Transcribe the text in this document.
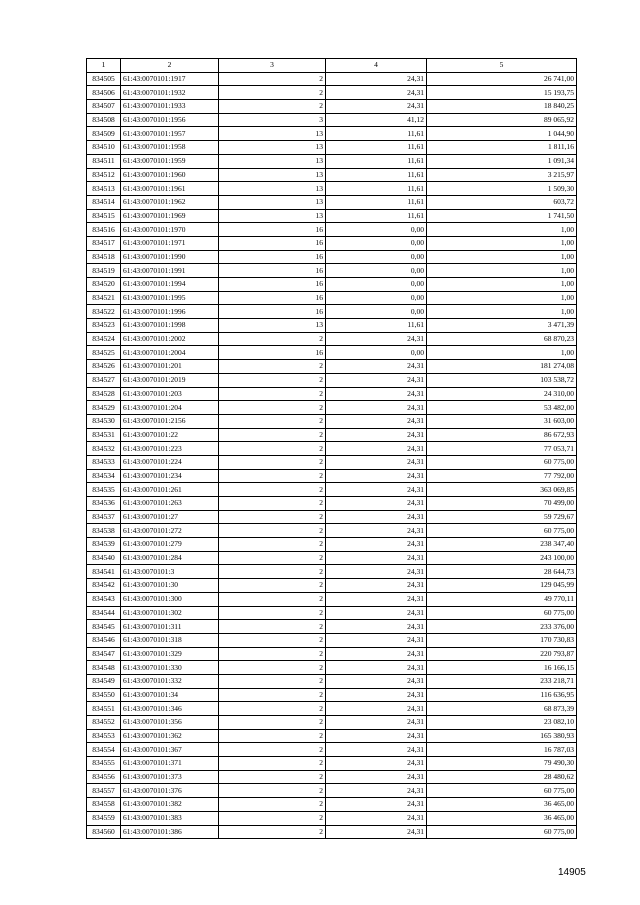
1	2	3	4	5
834505	61:43:0070101:1917	2	24,31	26 741,00
834506	61:43:0070101:1932	2	24,31	15 193,75
834507	61:43:0070101:1933	2	24,31	18 840,25
834508	61:43:0070101:1956	3	41,12	89 065,92
834509	61:43:0070101:1957	13	11,61	1 044,90
834510	61:43:0070101:1958	13	11,61	1 811,16
834511	61:43:0070101:1959	13	11,61	1 091,34
834512	61:43:0070101:1960	13	11,61	3 215,97
834513	61:43:0070101:1961	13	11,61	1 509,30
834514	61:43:0070101:1962	13	11,61	603,72
834515	61:43:0070101:1969	13	11,61	1 741,50
834516	61:43:0070101:1970	16	0,00	1,00
834517	61:43:0070101:1971	16	0,00	1,00
834518	61:43:0070101:1990	16	0,00	1,00
834519	61:43:0070101:1991	16	0,00	1,00
834520	61:43:0070101:1994	16	0,00	1,00
834521	61:43:0070101:1995	16	0,00	1,00
834522	61:43:0070101:1996	16	0,00	1,00
834523	61:43:0070101:1998	13	11,61	3 471,39
834524	61:43:0070101:2002	2	24,31	68 870,23
834525	61:43:0070101:2004	16	0,00	1,00
834526	61:43:0070101:201	2	24,31	181 274,08
834527	61:43:0070101:2019	2	24,31	103 538,72
834528	61:43:0070101:203	2	24,31	24 310,00
834529	61:43:0070101:204	2	24,31	53 482,00
834530	61:43:0070101:2156	2	24,31	31 603,00
834531	61:43:0070101:22	2	24,31	86 672,93
834532	61:43:0070101:223	2	24,31	77 053,71
834533	61:43:0070101:224	2	24,31	60 775,00
834534	61:43:0070101:234	2	24,31	77 792,00
834535	61:43:0070101:261	2	24,31	363 069,85
834536	61:43:0070101:263	2	24,31	70 499,00
834537	61:43:0070101:27	2	24,31	59 729,67
834538	61:43:0070101:272	2	24,31	60 775,00
834539	61:43:0070101:279	2	24,31	238 347,40
834540	61:43:0070101:284	2	24,31	243 100,00
834541	61:43:0070101:3	2	24,31	28 644,73
834542	61:43:0070101:30	2	24,31	129 045,99
834543	61:43:0070101:300	2	24,31	49 770,11
834544	61:43:0070101:302	2	24,31	60 775,00
834545	61:43:0070101:311	2	24,31	233 376,00
834546	61:43:0070101:318	2	24,31	170 730,83
834547	61:43:0070101:329	2	24,31	220 793,87
834548	61:43:0070101:330	2	24,31	16 166,15
834549	61:43:0070101:332	2	24,31	233 218,71
834550	61:43:0070101:34	2	24,31	116 636,95
834551	61:43:0070101:346	2	24,31	68 873,39
834552	61:43:0070101:356	2	24,31	23 082,10
834553	61:43:0070101:362	2	24,31	165 380,93
834554	61:43:0070101:367	2	24,31	16 787,03
834555	61:43:0070101:371	2	24,31	79 490,30
834556	61:43:0070101:373	2	24,31	28 480,62
834557	61:43:0070101:376	2	24,31	60 775,00
834558	61:43:0070101:382	2	24,31	36 465,00
834559	61:43:0070101:383	2	24,31	36 465,00
834560	61:43:0070101:386	2	24,31	60 775,00
14905
